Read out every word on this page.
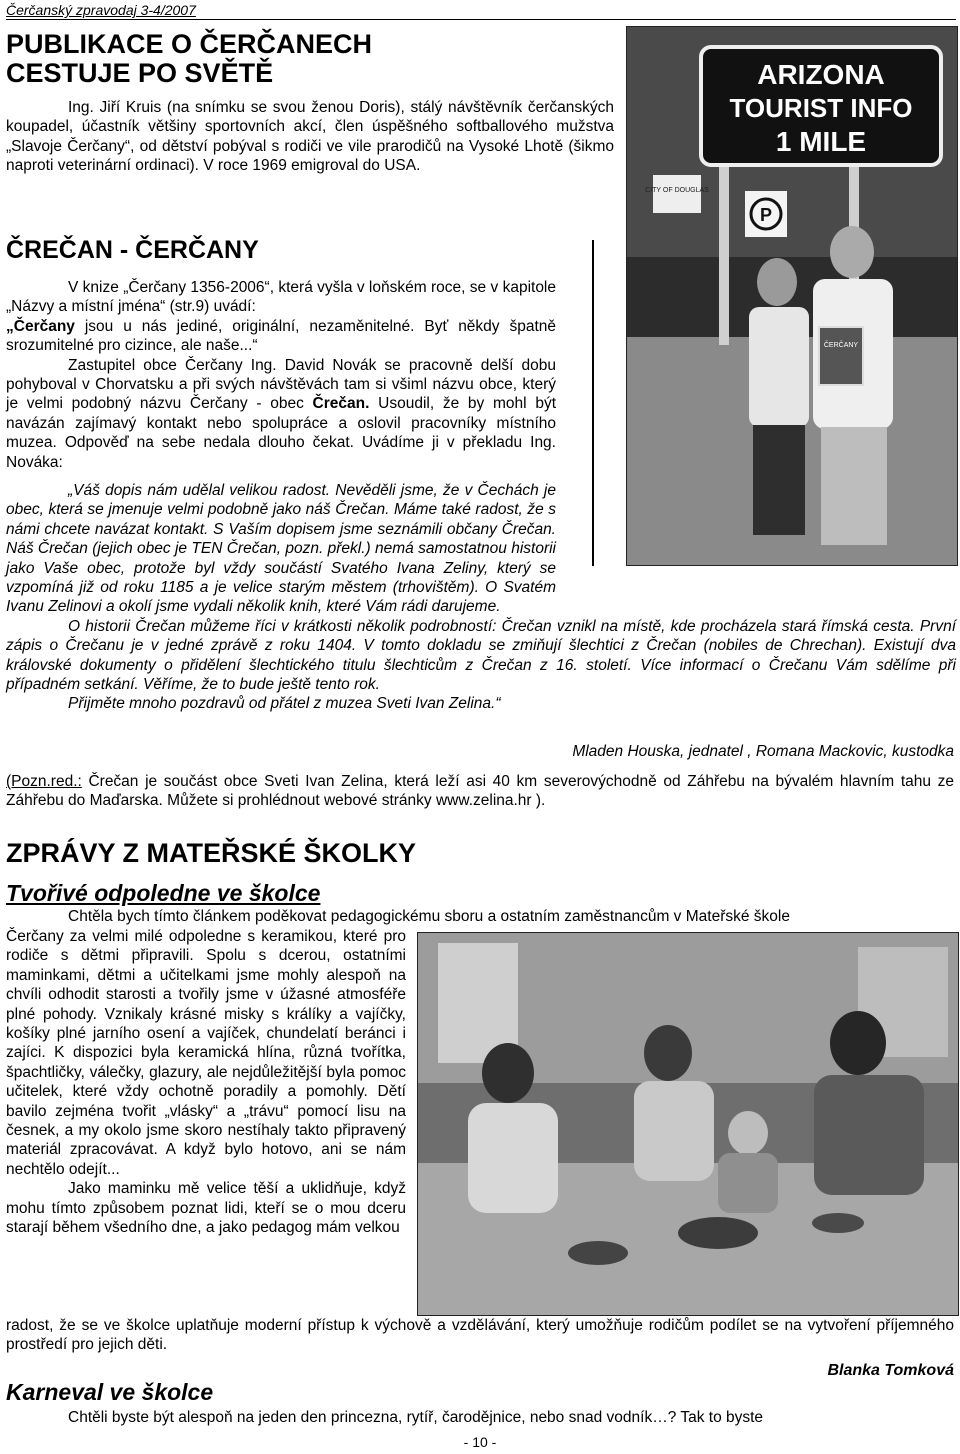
Čerčanský zpravodaj 3-4/2007
PUBLIKACE O ČERČANECH
CESTUJE PO SVĚTĚ
Ing. Jiří Kruis (na snímku se svou ženou Doris), stálý návštěvník čerčanských koupadel, účastník většiny sportovních akcí, člen úspěšného softballového mužstva „Slavoje Čerčany“, od dětství pobýval s rodiči ve vile prarodičů na Vysoké Lhotě (šikmo naproti veterinární ordinaci). V roce 1969 emigroval do USA.
ARIZONA
TOURIST INFO
1 MILE
CITY OF DOUGLAS
P
ČERČANY
ČREČAN - ČERČANY

V knize „Čerčany 1356-2006“, která vyšla v loňském roce, se v kapitole „Názvy a místní jména“ (str.9) uvádí:

„Čerčany jsou u nás jediné, originální, nezaměnitelné. Byť někdy špatně srozumitelné pro cizince, ale naše...“

Zastupitel obce Čerčany Ing. David Novák se pracovně delší dobu pohyboval v Chorvatsku a při svých návštěvách tam si všiml názvu obce, který je velmi podobný názvu Čerčany - obec Črečan. Usoudil, že by mohl být navázán zajímavý kontakt nebo spolupráce a oslovil pracovníky místního muzea. Odpověď na sebe nedala dlouho čekat. Uvádíme ji v překladu Ing. Nováka:

„Váš dopis nám udělal velikou radost. Nevěděli jsme, že v Čechách je obec, která se jmenuje velmi podobně jako náš Črečan. Máme také radost, že s námi chcete navázat kontakt. S Vaším dopisem jsme seznámili občany Črečan. Náš Črečan (jejich obec je TEN Črečan, pozn. překl.) nemá samostatnou historii jako Vaše obec, protože byl vždy součástí Svatého Ivana Zeliny, který se vzpomíná již od roku 1185 a je velice starým městem (trhovištěm). O Svatém Ivanu Zelinovi a okolí jsme vydali několik knih, které Vám rádi darujeme.

O historii Črečan můžeme říci v krátkosti několik podrobností: Črečan vznikl na místě, kde procházela stará římská cesta. První zápis o Črečanu je v jedné zprávě z roku 1404. V tomto dokladu se zmiňují šlechtici z Črečan (nobiles de Chrechan). Existují dva královské dokumenty o přidělení šlechtického titulu šlechticům z Črečan z 16. století. Více informací o Črečanu Vám sdělíme při případném setkání. Věříme, že to bude ještě tento rok.

Přijměte mnoho pozdravů od přátel z muzea Sveti Ivan Zelina.“

Mladen Houska, jednatel , Romana Mackovic, kustodka
(Pozn.red.: Črečan je součást obce Sveti Ivan Zelina, která leží asi 40 km severovýchodně od Záhřebu na bývalém hlavním tahu ze Záhřebu do Maďarska. Můžete si prohlédnout webové stránky www.zelina.hr ).
ZPRÁVY Z MATEŘSKÉ ŠKOLKY
Tvořivé odpoledne ve školce
Chtěla bych tímto článkem poděkovat pedagogickému sboru a ostatním zaměstnancům v Mateřské škole

Čerčany za velmi milé odpoledne s keramikou, které pro rodiče s dětmi připravili. Spolu s dcerou, ostatními maminkami, dětmi a učitelkami jsme mohly alespoň na chvíli odhodit starosti a tvořily jsme v úžasné atmosféře plné pohody. Vznikaly krásné misky s králíky a vajíčky, košíky plné jarního osení a vajíček, chundelatí beránci i zajíci. K dispozici byla keramická hlína, různá tvořítka, špachtličky, válečky, glazury, ale nejdůležitější byla pomoc učitelek, které vždy ochotně poradily a pomohly. Dětí bavilo zejména tvořit „vlásky“ a „trávu“ pomocí lisu na česnek, a my okolo jsme skoro nestíhaly takto připravený materiál zpracovávat. A když bylo hotovo, ani se nám nechtělo odejít...

Jako maminku mě velice těší a uklidňuje, když mohu tímto způsobem poznat lidi, kteří se o mou dceru starají během všedního dne, a jako pedagog mám velkou

radost, že se ve školce uplatňuje moderní přístup k výchově a vzdělávání, který umožňuje rodičům podílet se na vytvoření příjemného prostředí pro jejich děti.
Blanka Tomková
Karneval ve školce
Chtěli byste být alespoň na jeden den princezna, rytíř, čarodějnice, nebo snad vodník…? Tak to byste
- 10 -
